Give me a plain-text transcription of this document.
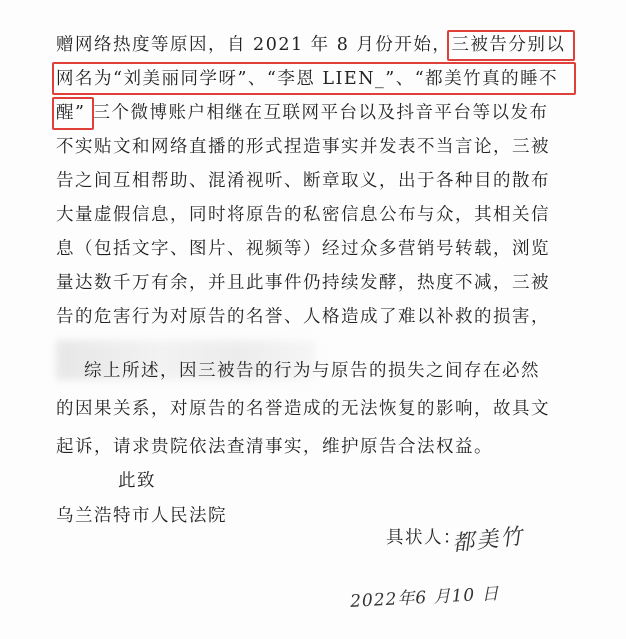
赠网络热度等原因，自 2021 年 8 月份开始，三被告分别以
网名为“刘美丽同学呀”、“李恩 LIEN_”、“都美竹真的睡不
醒” 三个微博账户相继在互联网平台以及抖音平台等以发布
不实贴文和网络直播的形式捏造事实并发表不当言论，三被
告之间互相帮助、混淆视听、断章取义，出于各种目的散布
大量虚假信息，同时将原告的私密信息公布与众，其相关信
息（包括文字、图片、视频等）经过众多营销号转载，浏览
量达数千万有余，并且此事件仍持续发酵，热度不减，三被
告的危害行为对原告的名誉、人格造成了难以补救的损害，
综上所述，因三被告的行为与原告的损失之间存在必然
的因果关系，对原告的名誉造成的无法恢复的影响，故具文
起诉，请求贵院依法查清事实，维护原告合法权益。
此致
乌兰浩特市人民法院
具状人：
都美竹
2022年6 月10 日
